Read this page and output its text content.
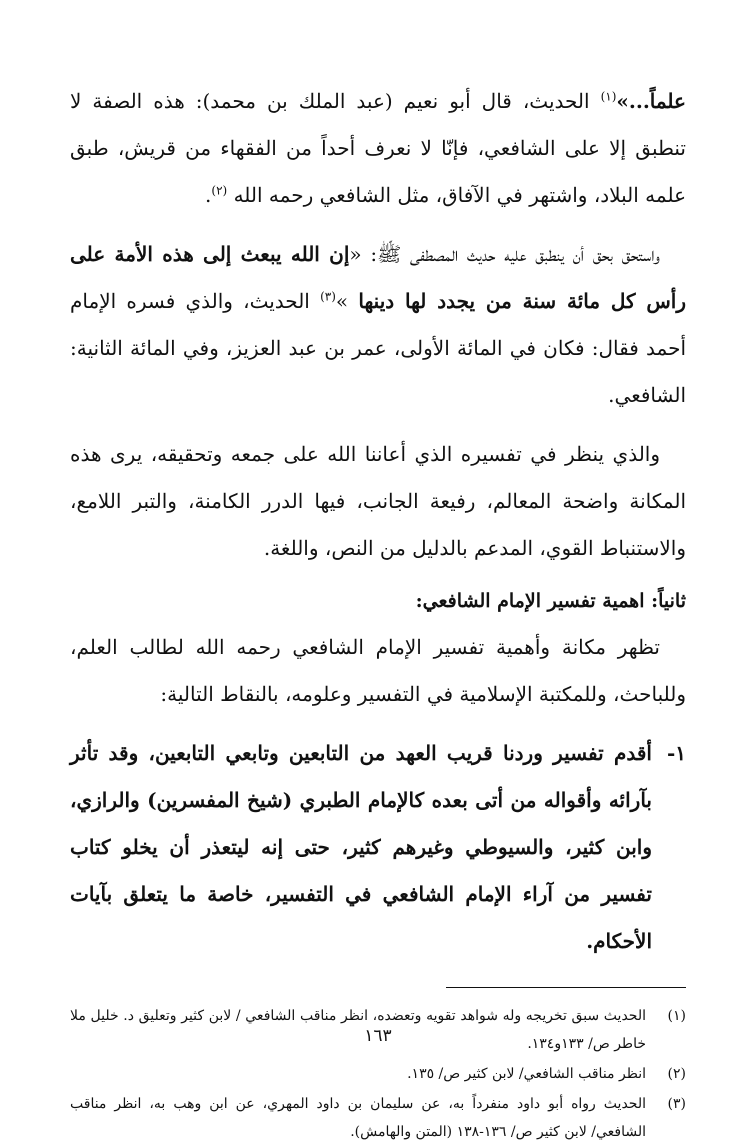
علماً...»$^{(١)}$ الحديث، قال أبو نعيم (عبد الملك بن محمد): هذه الصفة لا تنطبق إلا على الشافعي، فإنّا لا نعرف أحداً من الفقهاء من قريش، طبق علمه البلاد، واشتهر في الآفاق، مثل الشافعي رحمه الله $^{(٢)}$.

واستحق بحق أن ينطبق عليه حديث المصطفى ﷺ: «إن الله يبعث إلى هذه الأمة على رأس كل مائة سنة من يجدد لها دينها »$^{(٣)}$ الحديث، والذي فسره الإمام أحمد فقال: فكان في المائة الأولى، عمر بن عبد العزيز، وفي المائة الثانية: الشافعي.

والذي ينظر في تفسيره الذي أعاننا الله على جمعه وتحقيقه، يرى هذه المكانة واضحة المعالم، رفيعة الجانب، فيها الدرر الكامنة، والتبر اللامع، والاستنباط القوي، المدعم بالدليل من النص، واللغة.

ثانياً: اهمية تفسير الإمام الشافعي:

تظهر مكانة وأهمية تفسير الإمام الشافعي رحمه الله لطالب العلم، وللباحث، وللمكتبة الإسلامية في التفسير وعلومه، بالنقاط التالية:

١-
أقدم تفسير وردنا قريب العهد من التابعين وتابعي التابعين، وقد تأثر بآرائه وأقواله من أتى بعده كالإمام الطبري (شيخ المفسرين) والرازي، وابن كثير، والسيوطي وغيرهم كثير، حتى إنه ليتعذر أن يخلو كتاب تفسير من آراء الإمام الشافعي في التفسير، خاصة ما يتعلق بآيات الأحكام.
(١)
الحديث سبق تخريجه وله شواهد تقويه وتعضده، انظر مناقب الشافعي / لابن كثير وتعليق د. خليل ملا خاطر ص/ ١٣٣و١٣٤.
(٢)
انظر مناقب الشافعي/ لابن كثير ص/ ١٣٥.
(٣)
الحديث رواه أبو داود منفرداً به، عن سليمان بن داود المهري، عن ابن وهب به، انظر مناقب الشافعي/ لابن كثير ص/ ١٣٦-١٣٨ (المتن والهامش).
١٦٣
